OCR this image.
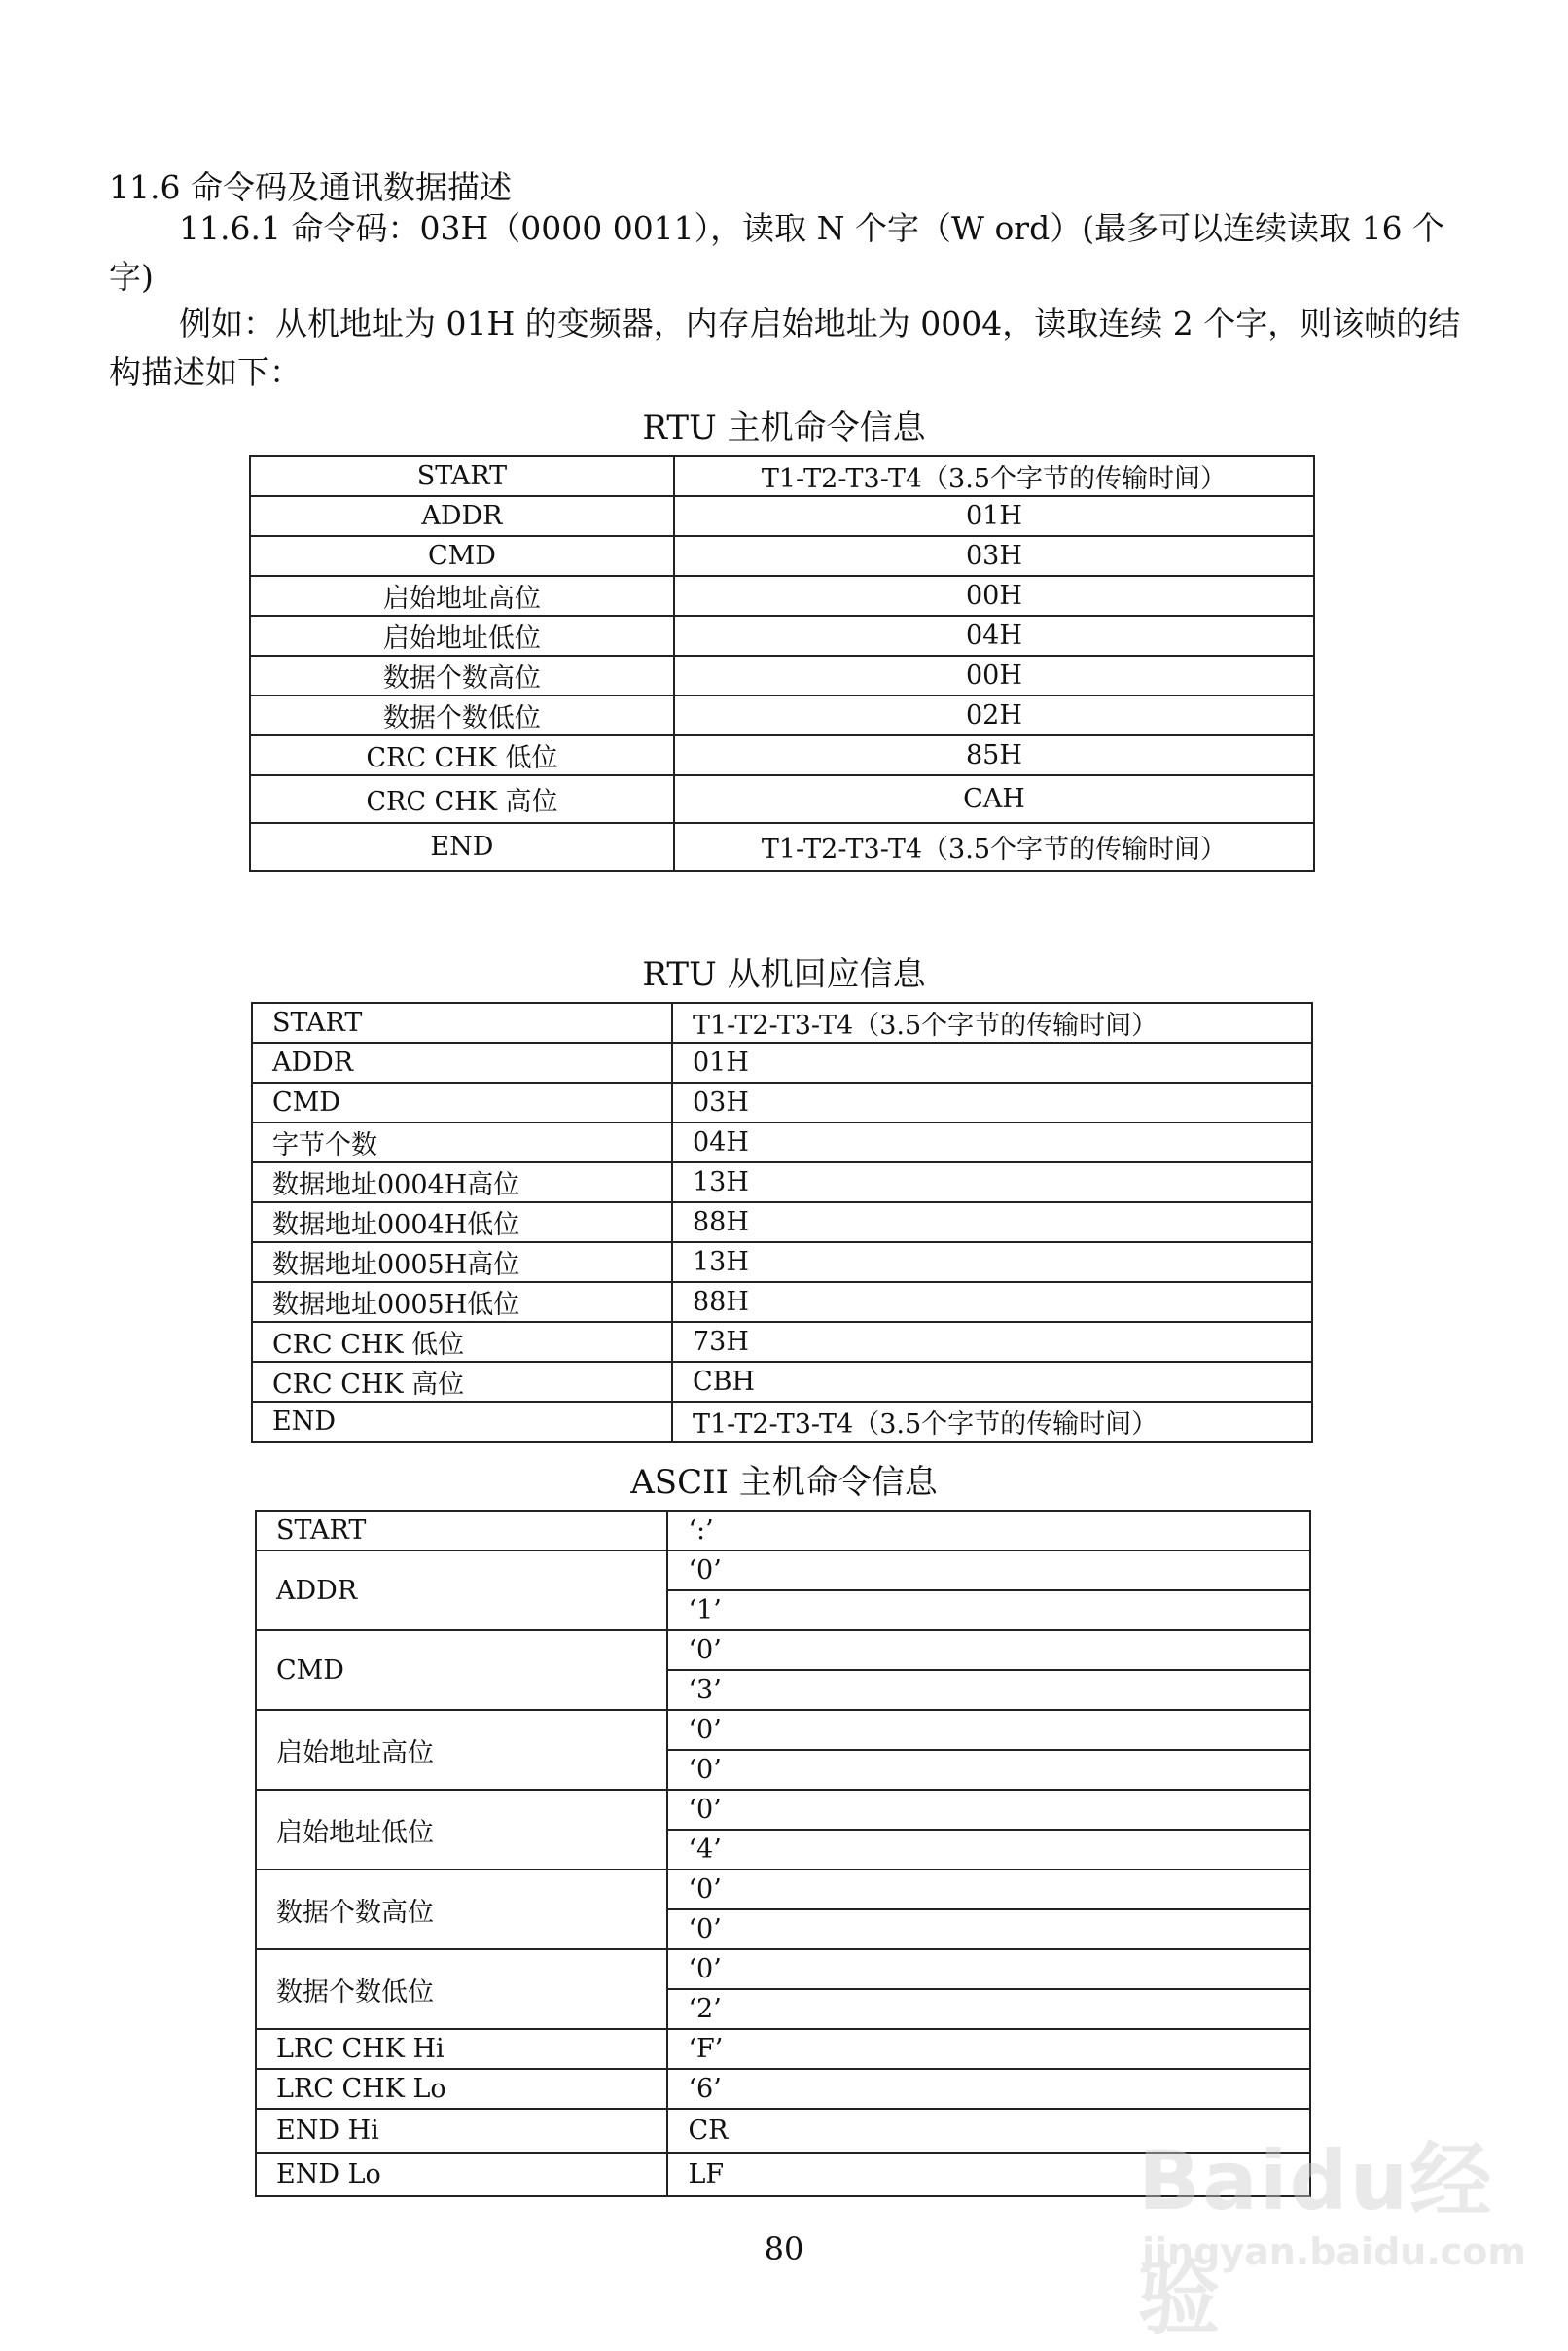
11.6 命令码及通讯数据描述
11.6.1 命令码：03H（0000 0011），读取 N 个字（W ord）(最多可以连续读取 16 个字)
例如：从机地址为 01H 的变频器，内存启始地址为 0004，读取连续 2 个字，则该帧的结构描述如下：
RTU 主机命令信息
START	T1-T2-T3-T4（3.5个字节的传输时间）
ADDR	01H
CMD	03H
启始地址高位	00H
启始地址低位	04H
数据个数高位	00H
数据个数低位	02H
CRC CHK 低位	85H
CRC CHK 高位	CAH
END	T1-T2-T3-T4（3.5个字节的传输时间）
RTU 从机回应信息
START	T1-T2-T3-T4（3.5个字节的传输时间）
ADDR	01H
CMD	03H
字节个数	04H
数据地址0004H高位	13H
数据地址0004H低位	88H
数据地址0005H高位	13H
数据地址0005H低位	88H
CRC CHK 低位	73H
CRC CHK 高位	CBH
END	T1-T2-T3-T4（3.5个字节的传输时间）
ASCII 主机命令信息
START	‘:’
ADDR	‘0’
	‘1’
CMD	‘0’
	‘3’
启始地址高位	‘0’
	‘0’
启始地址低位	‘0’
	‘4’
数据个数高位	‘0’
	‘0’
数据个数低位	‘0’
	‘2’
LRC CHK Hi	‘F’
LRC CHK Lo	‘6’
END Hi	CR
END Lo	LF
80
Baidu经验
jingyan.baidu.com
